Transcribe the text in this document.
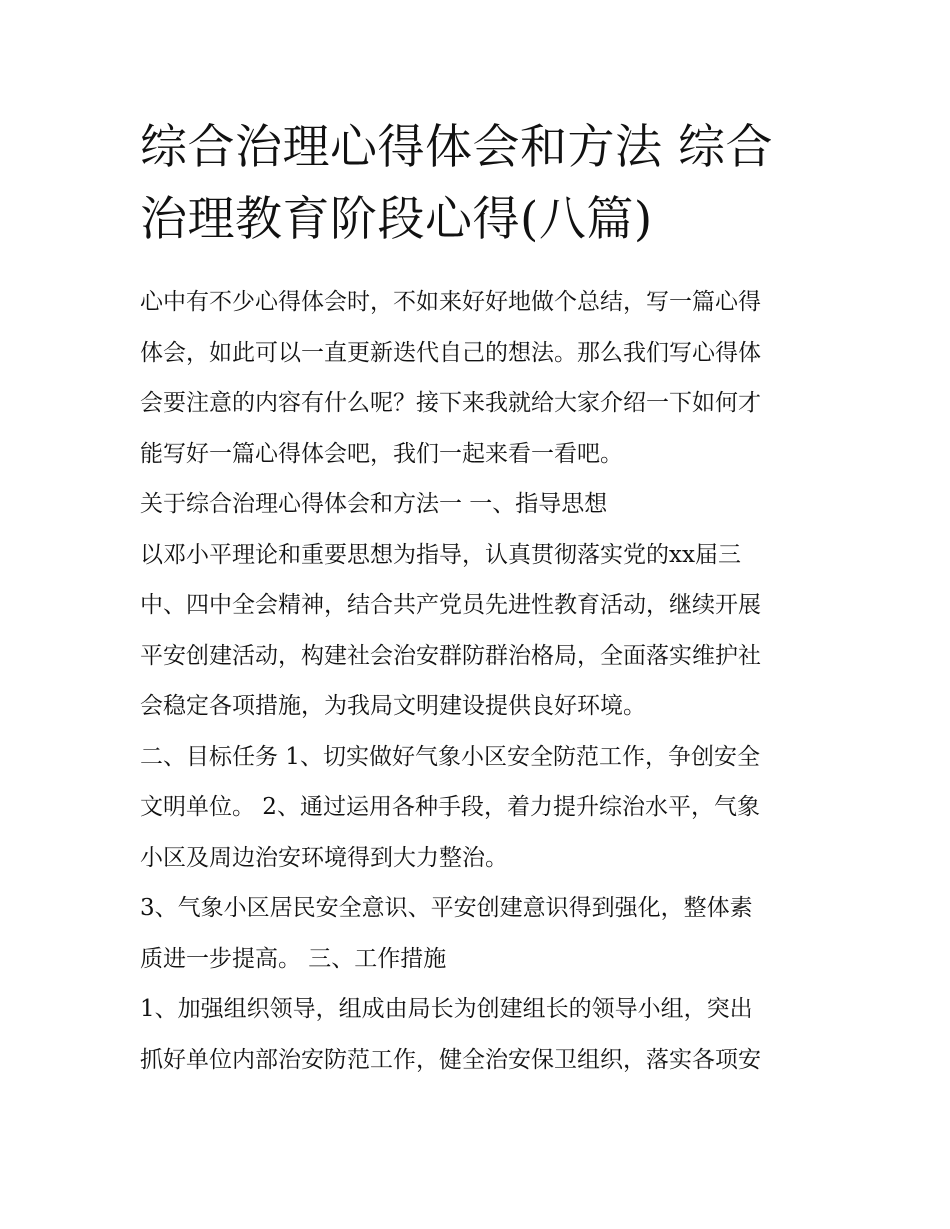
综合治理心得体会和方法 综合
治理教育阶段心得(八篇)
心中有不少心得体会时，不如来好好地做个总结，写一篇心得
体会，如此可以一直更新迭代自己的想法。那么我们写心得体
会要注意的内容有什么呢？接下来我就给大家介绍一下如何才
能写好一篇心得体会吧，我们一起来看一看吧。
关于综合治理心得体会和方法一 一、指导思想
以邓小平理论和重要思想为指导，认真贯彻落实党的xx届三
中、四中全会精神，结合共产党员先进性教育活动，继续开展
平安创建活动，构建社会治安群防群治格局，全面落实维护社
会稳定各项措施，为我局文明建设提供良好环境。
二、目标任务 1、切实做好气象小区安全防范工作，争创安全
文明单位。 2、通过运用各种手段，着力提升综治水平，气象
小区及周边治安环境得到大力整治。
3、气象小区居民安全意识、平安创建意识得到强化，整体素
质进一步提高。 三、工作措施
1、加强组织领导，组成由局长为创建组长的领导小组，突出
抓好单位内部治安防范工作，健全治安保卫组织，落实各项安
